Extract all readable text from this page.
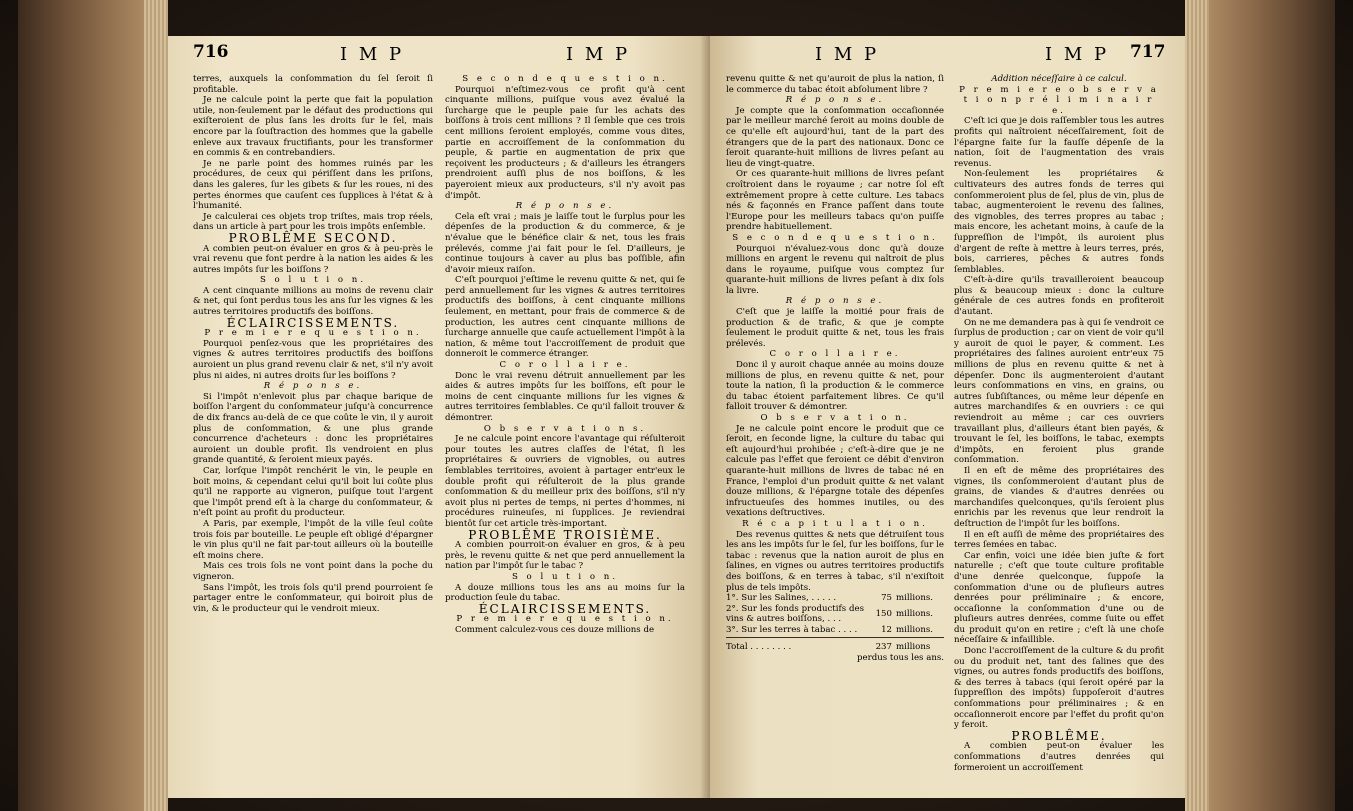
716	I M P	I M P

terres, auxquels la conſommation du ſel ſeroit ſi profitable.

Je ne calcule point la perte que fait la population utile, non-ſeulement par le défaut des productions qui exiſteroient de plus ſans les droits ſur le ſel, mais encore par la ſouſtraction des hommes que la gabelle enleve aux travaux fructifiants, pour les transformer en commis & en contrebandiers.

Je ne parle point des hommes ruinés par les procédures, de ceux qui périſſent dans les priſons, dans les galeres, ſur les gibets & ſur les roues, ni des pertes énormes que cauſent ces ſupplices à l'état & à l'humanité.

Je calculerai ces objets trop triſtes, mais trop réels, dans un article à part pour les trois impôts enſemble.

PROBLÊME SECOND.

A combien peut-on évaluer en gros & à peu-près le vrai revenu que font perdre à la nation les aides & les autres impôts ſur les boiſſons ?

S o l u t i o n.

A cent cinquante millions au moins de revenu clair & net, qui ſont perdus tous les ans ſur les vignes & les autres territoires productifs des boiſſons.

ÉCLAIRCISSEMENTS.

P r e m i e r e q u e s t i o n.

Pourquoi penſez-vous que les propriétaires des vignes & autres territoires productifs des boiſſons auroient un plus grand revenu clair & net, s'il n'y avoit plus ni aides, ni autres droits ſur les boiſſons ?

R é p o n s e.

Si l'impôt n'enlevoit plus par chaque barique de boiſſon l'argent du conſommateur juſqu'à concurrence de dix francs au-delà de ce que coûte le vin, il y auroit plus de conſommation, & une plus grande concurrence d'acheteurs : donc les propriétaires auroient un double profit. Ils vendroient en plus grande quantité, & ſeroient mieux payés.

Car, lorſque l'impôt renchérit le vin, le peuple en boit moins, & cependant celui qu'il boit lui coûte plus qu'il ne rapporte au vigneron, puiſque tout l'argent que l'impôt prend eſt à la charge du conſommateur, & n'eſt point au profit du producteur.

A Paris, par exemple, l'impôt de la ville ſeul coûte trois fois par bouteille. Le peuple eſt obligé d'épargner le vin plus qu'il ne fait par-tout ailleurs où la bouteille eſt moins chere.

Mais ces trois ſols ne vont point dans la poche du vigneron.

Sans l'impôt, les trois ſols qu'il prend pourroient ſe partager entre le conſommateur, qui boiroit plus de vin, & le producteur qui le vendroit mieux.

S e c o n d e q u e s t i o n.

Pourquoi n'eſtimez-vous ce profit qu'à cent cinquante millions, puiſque vous avez évalué la ſurcharge que le peuple paie ſur les achats des boiſſons à trois cent millions ? Il ſemble que ces trois cent millions ſeroient employés, comme vous dites, partie en accroiſſement de la conſommation du peuple, & partie en augmentation de prix que reçoivent les producteurs ; & d'ailleurs les étrangers prendroient auſſi plus de nos boiſſons, & les payeroient mieux aux producteurs, s'il n'y avoit pas d'impôt.

R é p o n s e.

Cela eſt vrai ; mais je laiſſe tout le ſurplus pour les dépenſes de la production & du commerce, & je n'évalue que le bénéfice clair & net, tous les frais prélevés, comme j'ai fait pour le ſel. D'ailleurs, je continue toujours à caver au plus bas poſſible, afin d'avoir mieux raiſon.

C'eſt pourquoi j'eſtime le revenu quitte & net, qui ſe perd annuellement ſur les vignes & autres territoires productifs des boiſſons, à cent cinquante millions ſeulement, en mettant, pour frais de commerce & de production, les autres cent cinquante millions de ſurcharge annuelle que cauſe actuellement l'impôt à la nation, & même tout l'accroiſſement de produit que donneroit le commerce étranger.

C o r o l l a i r e.

Donc le vrai revenu détruit annuellement par les aides & autres impôts ſur les boiſſons, eſt pour le moins de cent cinquante millions ſur les vignes & autres territoires ſemblables. Ce qu'il falloit trouver & démontrer.

O b s e r v a t i o n s.

Je ne calcule point encore l'avantage qui réſulteroit pour toutes les autres claſſes de l'état, ſi les propriétaires & ouvriers de vignobles, ou autres ſemblables territoires, avoient à partager entr'eux le double profit qui réſulteroit de la plus grande conſommation & du meilleur prix des boiſſons, s'il n'y avoit plus ni pertes de temps, ni pertes d'hommes, ni procédures ruineuſes, ni ſupplices. Je reviendrai bientôt ſur cet article très-important.

PROBLÊME TROISIÈME.

A combien pourroit-on évaluer en gros, & à peu près, le revenu quitte & net que perd annuellement la nation par l'impôt ſur le tabac ?

S o l u t i o n.

A douze millions tous les ans au moins ſur la production ſeule du tabac.

ÉCLAIRCISSEMENTS.

P r e m i e r e q u e s t i o n.

Comment calculez-vous ces douze millions de

I M P	I M P 717

revenu quitte & net qu'auroit de plus la nation, ſi le commerce du tabac étoit abſolument libre ?

R é p o n s e.

Je compte que la conſommation occaſionnée par le meilleur marché ſeroit au moins double de ce qu'elle eſt aujourd'hui, tant de la part des étrangers que de la part des nationaux. Donc ce ſeroit quarante-huit millions de livres peſant au lieu de vingt-quatre.

Or ces quarante-huit millions de livres peſant croîtroient dans le royaume ; car notre ſol eſt extrêmement propre à cette culture. Les tabacs nés & façonnés en France paſſent dans toute l'Europe pour les meilleurs tabacs qu'on puiſſe prendre habituellement.

S e c o n d e q u e s t i o n.

Pourquoi n'évaluez-vous donc qu'à douze millions en argent le revenu qui naîtroit de plus dans le royaume, puiſque vous comptez ſur quarante-huit millions de livres peſant à dix ſols la livre.

R é p o n s e.

C'eſt que je laiſſe la moitié pour frais de production & de trafic, & que je compte ſeulement le produit quitte & net, tous les frais prélevés.

C o r o l l a i r e.

Donc il y auroit chaque année au moins douze millions de plus, en revenu quitte & net, pour toute la nation, ſi la production & le commerce du tabac étoient parfaitement libres. Ce qu'il falloit trouver & démontrer.

O b s e r v a t i o n.

Je ne calcule point encore le produit que ce ſeroit, en ſeconde ligne, la culture du tabac qui eſt aujourd'hui prohibée ; c'eſt-à-dire que je ne calcule pas l'effet que feroient ce débit d'environ quarante-huit millions de livres de tabac né en France, l'emploi d'un produit quitte & net valant douze millions, & l'épargne totale des dépenſes infructueuſes des hommes inutiles, ou des vexations deſtructives.

R é c a p i t u l a t i o n.

Des revenus quittes & nets que détruiſent tous les ans les impôts ſur le ſel, ſur les boiſſons, ſur le tabac : revenus que la nation auroit de plus en ſalines, en vignes ou autres territoires productifs des boiſſons, & en terres à tabac, s'il n'exiſtoit plus de tels impôts.

1°. Sur les Salines, . . . . .	75	millions.
2°. Sur les fonds productifs des vins & autres boiſſons, . . .	150	millions.
3°. Sur les terres à tabac . . . .	12	millions.
Total . . . . . . . .	237	millions
perdus tous les ans.

Addition néceſſaire à ce calcul.

P r e m i e r e o b s e r v a t i o n p r é l i m i n a i r e.

C'eſt ici que je dois raſſembler tous les autres profits qui naîtroient néceſſairement, ſoit de l'épargne faite ſur la fauſſe dépenſe de la nation, ſoit de l'augmentation des vrais revenus.

Non-ſeulement les propriétaires & cultivateurs des autres fonds de terres qui conſommeroient plus de ſel, plus de vin, plus de tabac, augmenteroient le revenu des ſalines, des vignobles, des terres propres au tabac ; mais encore, les achetant moins, à cauſe de la ſuppreſſion de l'impôt, ils auroient plus d'argent de reſte à mettre à leurs terres, prés, bois, carrieres, pêches & autres fonds ſemblables.

C'eſt-à-dire qu'ils travailleroient beaucoup plus & beaucoup mieux : donc la culture générale de ces autres fonds en profiteroit d'autant.

On ne me demandera pas à qui ſe vendroit ce ſurplus de production ; car on vient de voir qu'il y auroit de quoi le payer, & comment. Les propriétaires des ſalines auroient entr'eux 75 millions de plus en revenu quitte & net à dépenſer. Donc ils augmenteroient d'autant leurs conſommations en vins, en grains, ou autres ſubſiſtances, ou même leur dépenſe en autres marchandiſes & en ouvriers : ce qui reviendroit au même ; car ces ouvriers travaillant plus, d'ailleurs étant bien payés, & trouvant le ſel, les boiſſons, le tabac, exempts d'impôts, en feroient plus grande conſommation.

Il en eſt de même des propriétaires des vignes, ils conſommeroient d'autant plus de grains, de viandes & d'autres denrées ou marchandiſes quelconques, qu'ils ſeroient plus enrichis par les revenus que leur rendroit la deſtruction de l'impôt ſur les boiſſons.

Il en eſt auſſi de même des propriétaires des terres ſemées en tabac.

Car enfin, voici une idée bien juſte & fort naturelle ; c'eſt que toute culture profitable d'une denrée quelconque, ſuppoſe la conſommation d'une ou de pluſieurs autres denrées pour préliminaire ; & encore, occaſionne la conſommation d'une ou de pluſieurs autres denrées, comme ſuite ou effet du produit qu'on en retire ; c'eſt là une choſe néceſſaire & infaillible.

Donc l'accroiſſement de la culture & du profit ou du produit net, tant des ſalines que des vignes, ou autres fonds productifs des boiſſons, & des terres à tabacs (qui ſeroit opéré par la ſuppreſſion des impôts) ſuppoſeroit d'autres conſommations pour préliminaires ; & en occaſionneroit encore par l'effet du profit qu'on y feroit.

PROBLÊME.

A combien peut-on évaluer les conſommations d'autres denrées qui formeroient un accroiſſement
